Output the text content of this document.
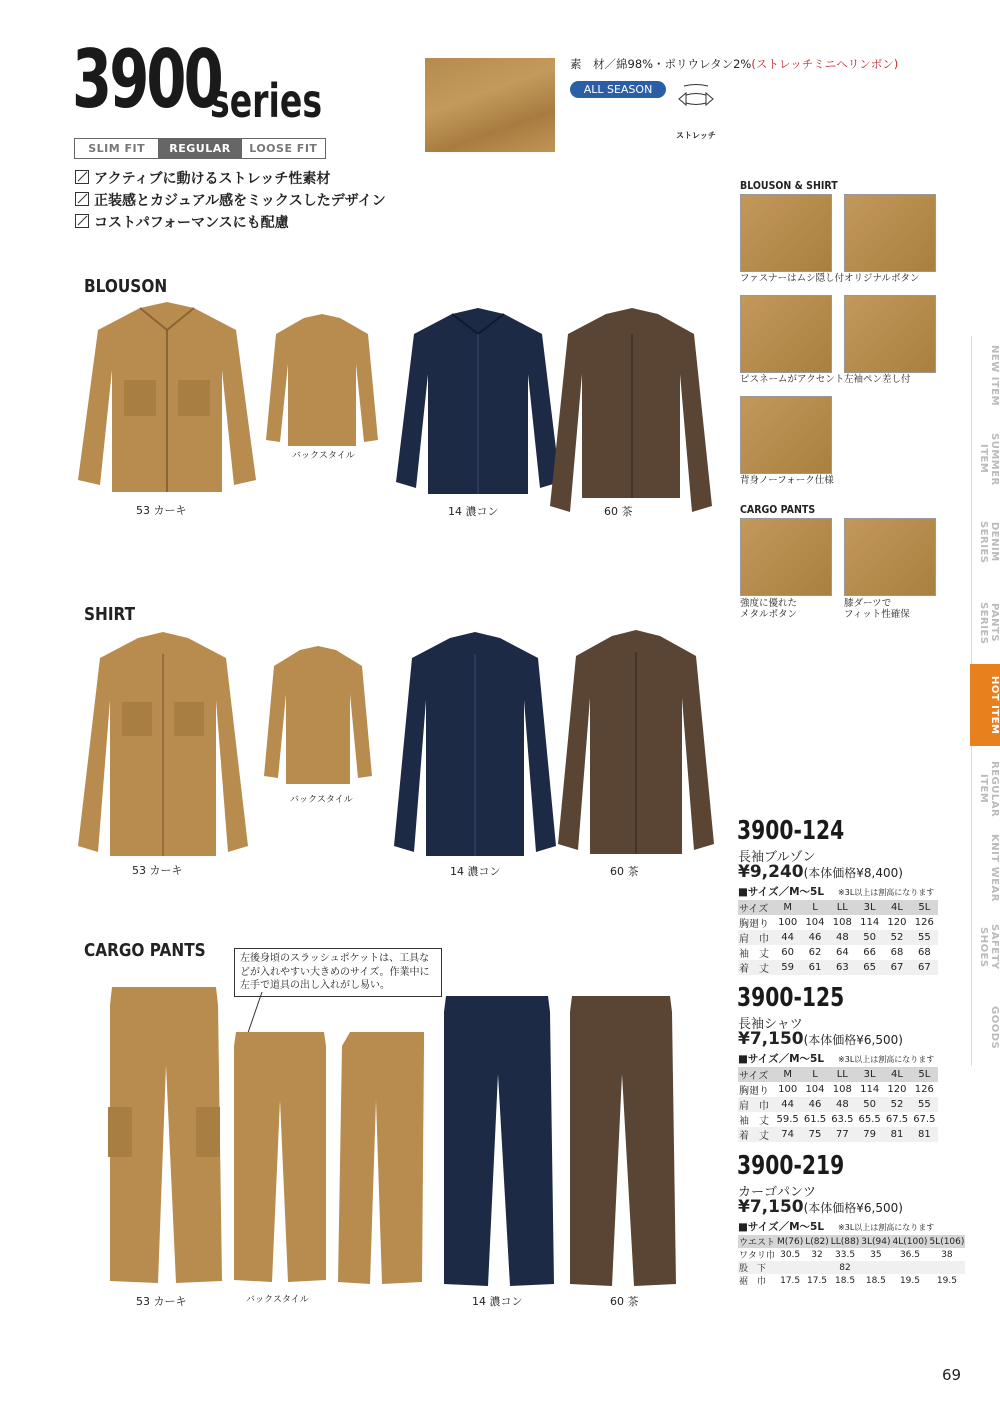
3900
series
SLIM FIT	REGULAR FIT
LOOSE FIT
アクティブに動けるストレッチ性素材
正装感とカジュアル感をミックスしたデザイン
コストパフォーマンスにも配慮
素　材／綿98%・ポリウレタン2%(ストレッチミニヘリンボン)
ALL SEASON
ストレッチ
BLOUSON
SHIRT
CARGO PANTS
53 カーキ
バックスタイル
14 濃コン	60 茶
53 カーキ
バックスタイル
14 濃コン	60 茶
左後身頃のスラッシュポケットは、工具などが入れやすい大きめのサイズ。作業中に左手で道具の出し入れがし易い。
53 カーキ	バックスタイル	14 濃コン	60 茶
BLOUSON & SHIRT
ファスナーはムシ隠し付 オリジナルボタン
ピスネームがアクセント 左袖ペン差し付
背身ノーフォーク仕様
CARGO PANTS
強度に優れた
メタルボタン
膝ダーツで
フィット性確保
NEW ITEM
SUMMER ITEM
DENIM SERIES
PANTS SERIES
HOT ITEM
REGULAR ITEM
KNIT WEAR
SAFETY SHOES
GOODS
3900-124
長袖ブルゾン
¥9,240(本体価格¥8,400)
■サイズ／M〜5L ※3L以上は割高になります
サイズ	M	L	LL	3L	4L	5L
胸廻り	100	104	108	114	120	126
肩　巾	44	46	48	50	52	55
袖　丈	60	62	64	66	68	68
着　丈	59	61	63	65	67	67
3900-125
長袖シャツ
¥7,150(本体価格¥6,500)
■サイズ／M〜5L ※3L以上は割高になります
サイズ	M	L	LL	3L	4L	5L
胸廻り	100	104	108	114	120	126
肩　巾	44	46	48	50	52	55
袖　丈	59.5	61.5	63.5	65.5	67.5	67.5
着　丈	74	75	77	79	81	81
3900-219
カーゴパンツ
¥7,150(本体価格¥6,500)
■サイズ／M〜5L ※3L以上は割高になります
ウエスト	M(76)	L(82)	LL(88)	3L(94)	4L(100)	5L(106)
ワタリ巾	30.5	32	33.5	35	36.5	38
股　下			82			
裾　巾	17.5	17.5	18.5	18.5	19.5	19.5
69
